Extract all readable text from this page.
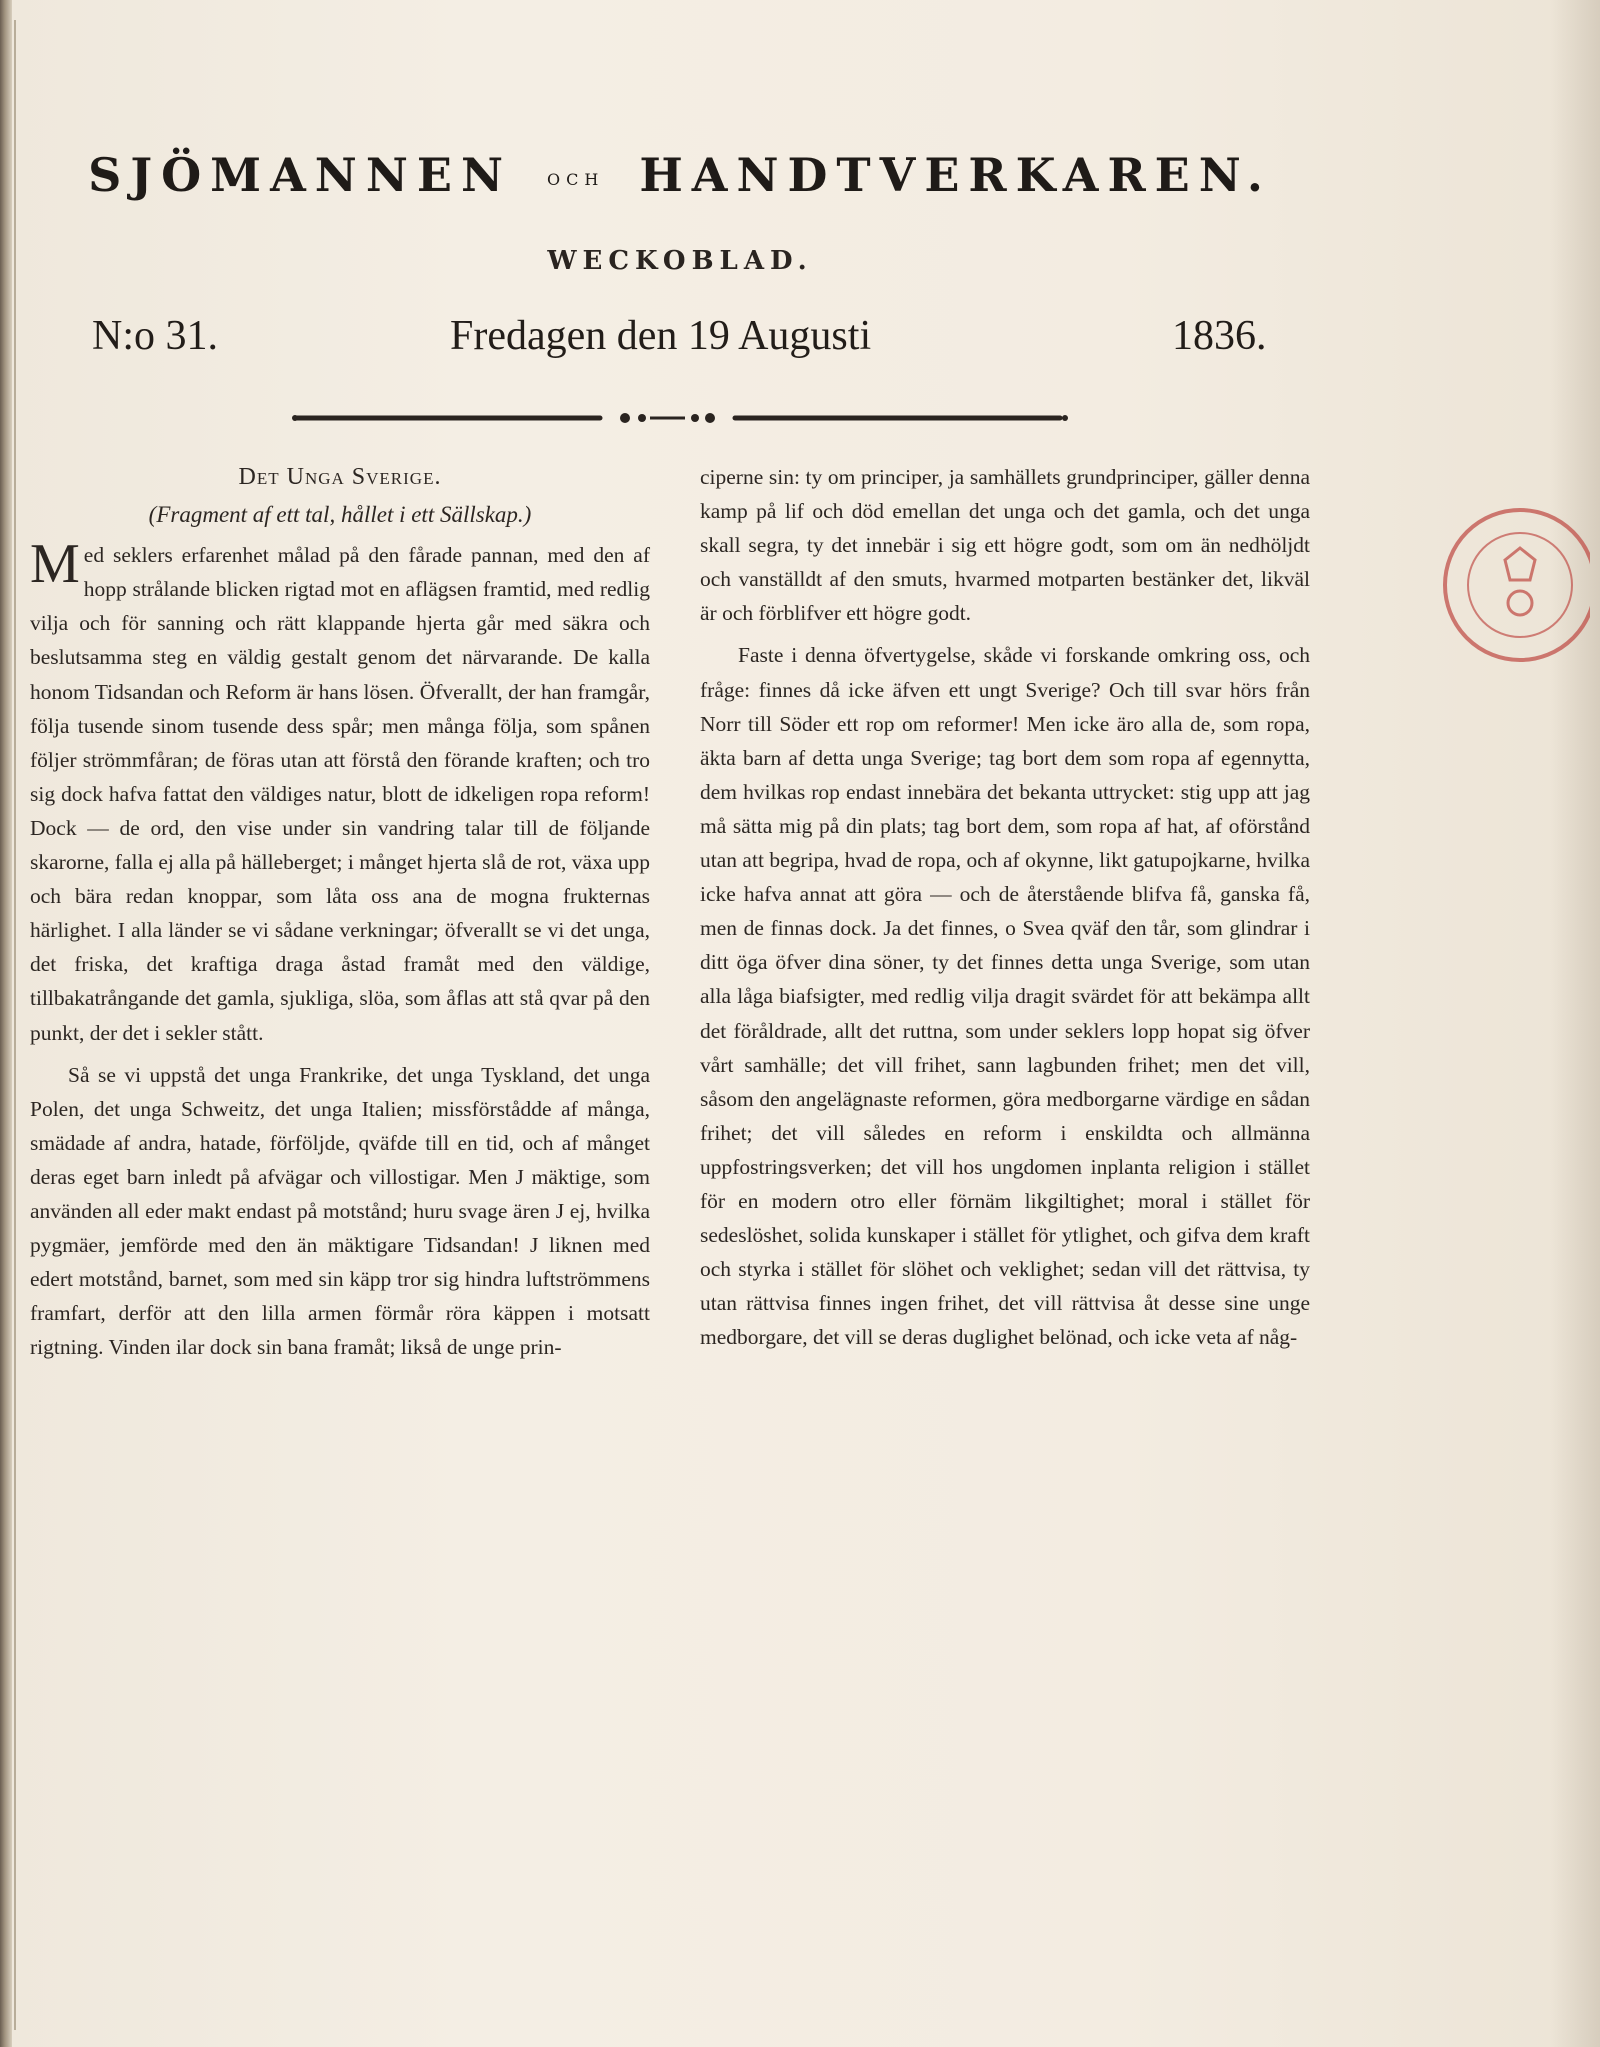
SJÖMANNEN OCH HANDTVERKAREN.
WECKOBLAD.
N:o 31.	Fredagen den 19 Augusti	1836.
Det Unga Sverige.
(Fragment af ett tal, hållet i ett Sällskap.)

Med seklers erfarenhet målad på den fårade pannan, med den af hopp strålande blicken rigtad mot en aflägsen framtid, med redlig vilja och för sanning och rätt klappande hjerta går med säkra och beslutsamma steg en väldig gestalt genom det närvarande. De kalla honom Tidsandan och Reform är hans lösen. Öfverallt, der han framgår, följa tusende sinom tusende dess spår; men många följa, som spånen följer strömmfåran; de föras utan att förstå den förande kraften; och tro sig dock hafva fattat den väldiges natur, blott de idkeligen ropa reform! Dock — de ord, den vise under sin vandring talar till de följande skarorne, falla ej alla på hälleberget; i månget hjerta slå de rot, växa upp och bära redan knoppar, som låta oss ana de mogna frukternas härlighet. I alla länder se vi sådane verkningar; öfverallt se vi det unga, det friska, det kraftiga draga åstad framåt med den väldige, tillbakatrångande det gamla, sjukliga, slöa, som åflas att stå qvar på den punkt, der det i sekler stått.

Så se vi uppstå det unga Frankrike, det unga Tyskland, det unga Polen, det unga Schweitz, det unga Italien; missförstådde af många, smädade af andra, hatade, förföljde, qväfde till en tid, och af månget deras eget barn inledt på afvägar och villostigar. Men J mäktige, som använden all eder makt endast på motstånd; huru svage ären J ej, hvilka pygmäer, jemförde med den än mäktigare Tidsandan! J liknen med edert motstånd, barnet, som med sin käpp tror sig hindra luftströmmens framfart, derför att den lilla armen förmår röra käppen i motsatt rigtning. Vinden ilar dock sin bana framåt; likså de unge prin-

ciperne sin: ty om principer, ja samhällets grundprinciper, gäller denna kamp på lif och död emellan det unga och det gamla, och det unga skall segra, ty det innebär i sig ett högre godt, som om än nedhöljdt och vanställdt af den smuts, hvarmed motparten bestänker det, likväl är och förblifver ett högre godt.

Faste i denna öfvertygelse, skåde vi forskande omkring oss, och fråge: finnes då icke äfven ett ungt Sverige? Och till svar hörs från Norr till Söder ett rop om reformer! Men icke äro alla de, som ropa, äkta barn af detta unga Sverige; tag bort dem som ropa af egennytta, dem hvilkas rop endast innebära det bekanta uttrycket: stig upp att jag må sätta mig på din plats; tag bort dem, som ropa af hat, af oförstånd utan att begripa, hvad de ropa, och af okynne, likt gatupojkarne, hvilka icke hafva annat att göra — och de återstående blifva få, ganska få, men de finnas dock. Ja det finnes, o Svea qväf den tår, som glindrar i ditt öga öfver dina söner, ty det finnes detta unga Sverige, som utan alla låga biafsigter, med redlig vilja dragit svärdet för att bekämpa allt det föråldrade, allt det ruttna, som under seklers lopp hopat sig öfver vårt samhälle; det vill frihet, sann lagbunden frihet; men det vill, såsom den angelägnaste reformen, göra medborgarne värdige en sådan frihet; det vill således en reform i enskildta och allmänna uppfostringsverken; det vill hos ungdomen inplanta religion i stället för en modern otro eller förnäm likgiltighet; moral i stället för sedeslöshet, solida kunskaper i stället för ytlighet, och gifva dem kraft och styrka i stället för slöhet och veklighet; sedan vill det rättvisa, ty utan rättvisa finnes ingen frihet, det vill rättvisa åt desse sine unge medborgare, det vill se deras duglighet belönad, och icke veta af någ-
